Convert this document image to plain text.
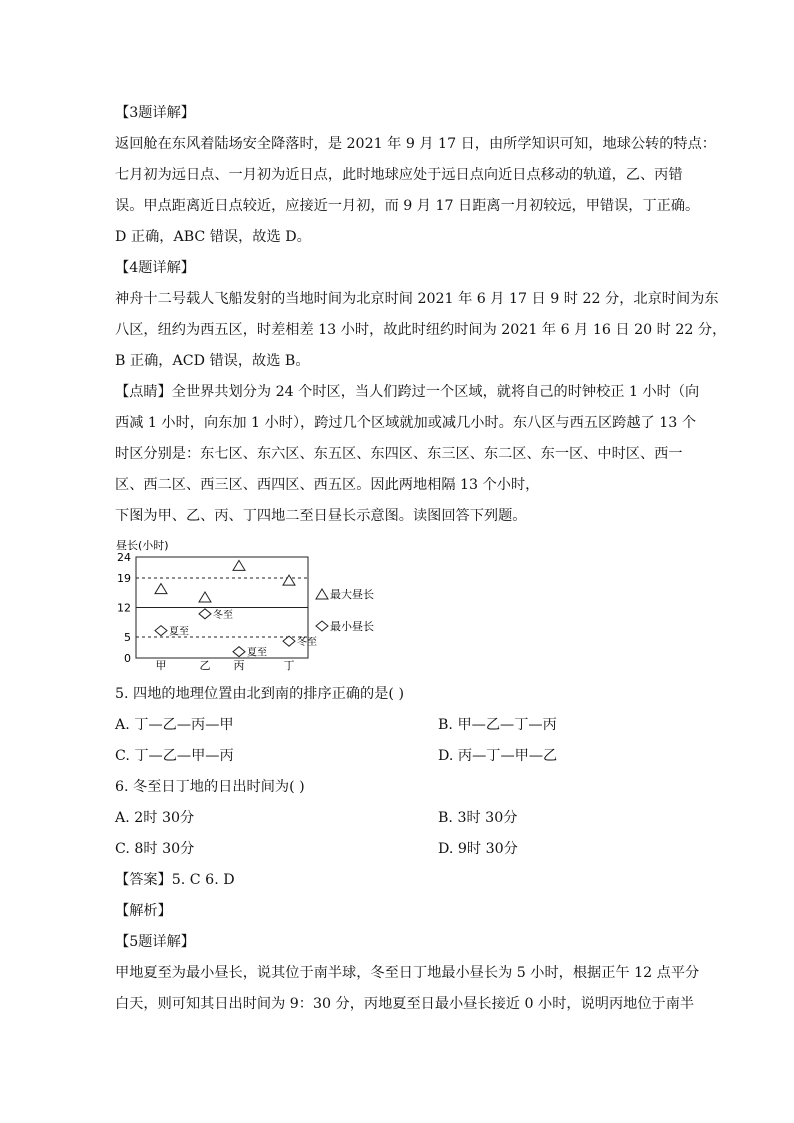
【3题详解】
返回舱在东风着陆场安全降落时，是 2021 年 9 月 17 日，由所学知识可知，地球公转的特点：
七月初为远日点、一月初为近日点，此时地球应处于远日点向近日点移动的轨道，乙、丙错
误。甲点距离近日点较近，应接近一月初，而 9 月 17 日距离一月初较远，甲错误，丁正确。
D 正确，ABC 错误，故选 D。
【4题详解】
神舟十二号载人飞船发射的当地时间为北京时间 2021 年 6 月 17 日 9 时 22 分，北京时间为东
八区，纽约为西五区，时差相差 13 小时，故此时纽约时间为 2021 年 6 月 16 日 20 时 22 分，
B 正确，ACD 错误，故选 B。
【点睛】全世界共划分为 24 个时区，当人们跨过一个区域，就将自己的时钟校正 1 小时（向
西减 1 小时，向东加 1 小时），跨过几个区域就加或减几小时。东八区与西五区跨越了 13 个
时区分别是：东七区、东六区、东五区、东四区、东三区、东二区、东一区、中时区、西一
区、西二区、西三区、西四区、西五区。因此两地相隔 13 个小时，
下图为甲、乙、丙、丁四地二至日昼长示意图。读图回答下列题。
昼长(小时)
24
19
12
5
0
夏至
冬至
夏至
冬至
甲	乙 丙	丁
最大昼长
最小昼长
5. 四地的地理位置由北到南的排序正确的是( )
A. 丁—乙—丙—甲	B. 甲—乙—丁—丙
C. 丁—乙—甲—丙	D. 丙—丁—甲—乙
6. 冬至日丁地的日出时间为( )
A. 2时 30分	B. 3时 30分
C. 8时 30分	D. 9时 30分
【答案】5. C 6. D
【解析】
【5题详解】
甲地夏至为最小昼长，说其位于南半球，冬至日丁地最小昼长为 5 小时，根据正午 12 点平分
白天，则可知其日出时间为 9：30 分，丙地夏至日最小昼长接近 0 小时，说明丙地位于南半
